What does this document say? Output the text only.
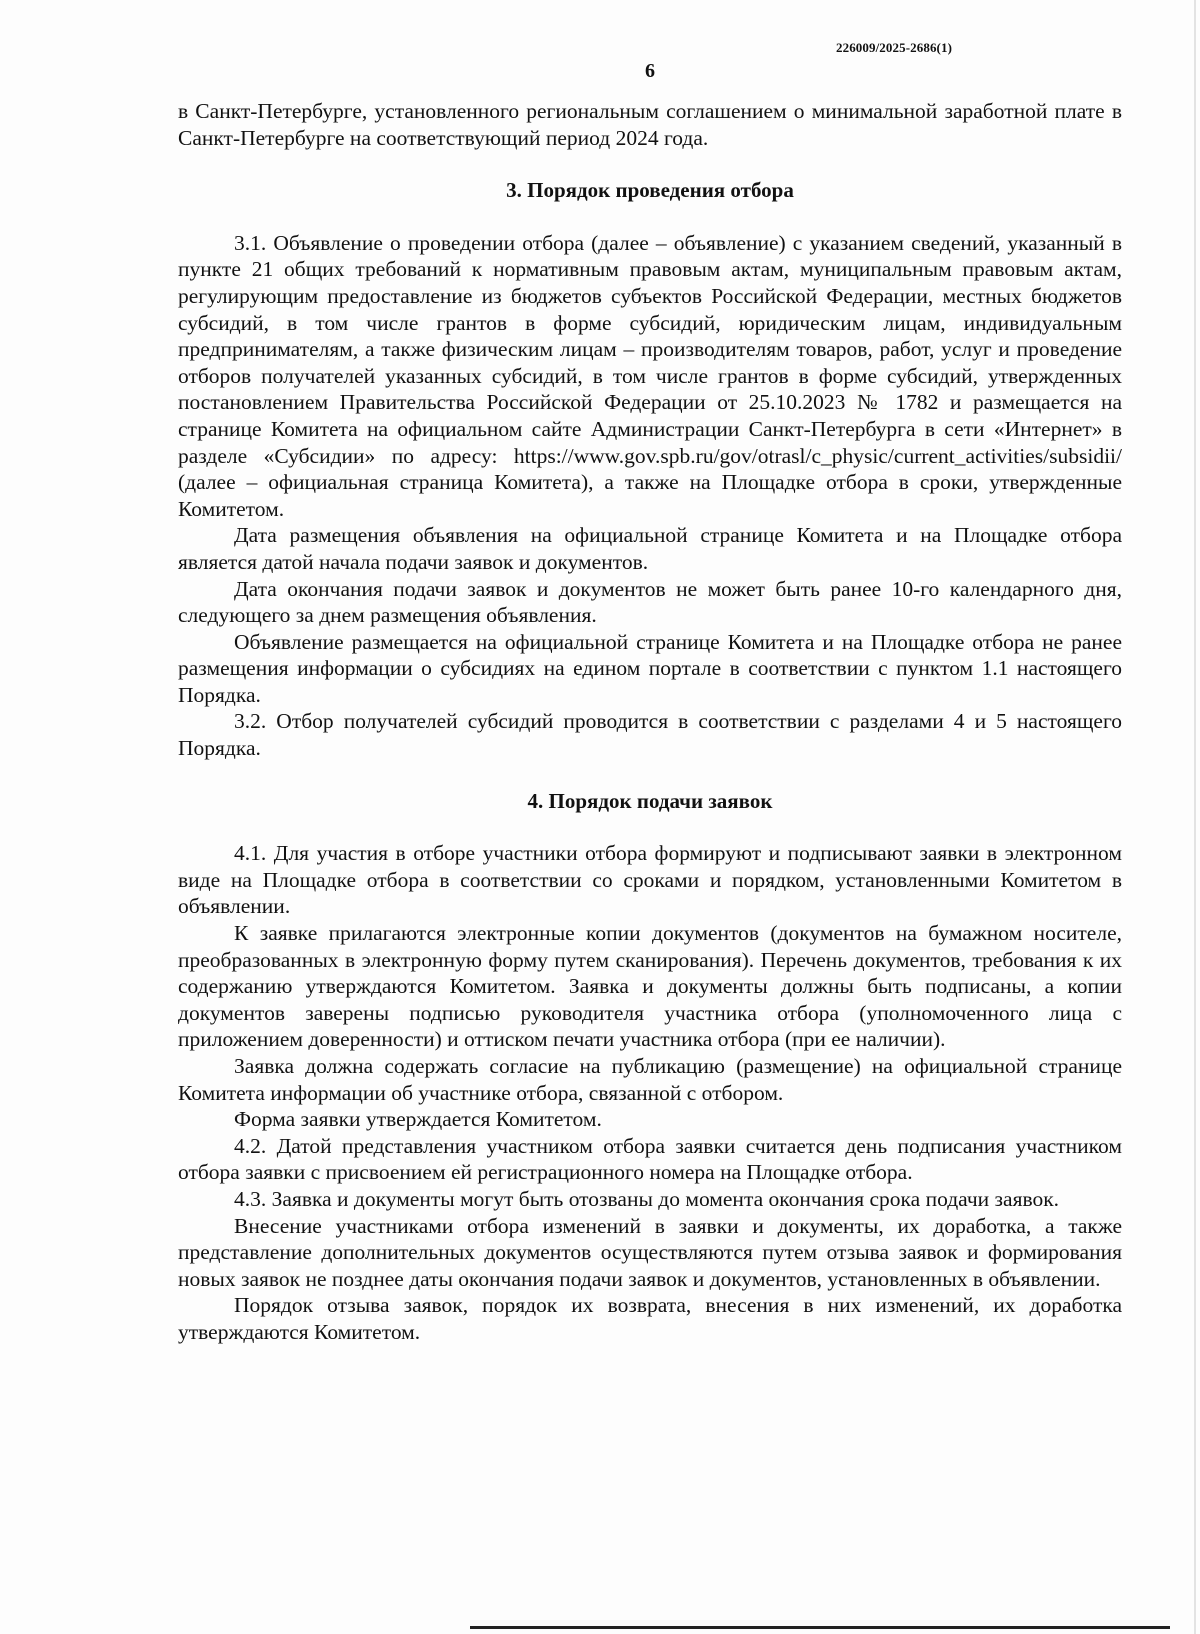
226009/2025-2686(1)
6

в Санкт-Петербурге, установленного региональным соглашением о минимальной заработной плате в Санкт-Петербурге на соответствующий период 2024 года.

3. Порядок проведения отбора

3.1. Объявление о проведении отбора (далее – объявление) с указанием сведений, указанный в пункте 21 общих требований к нормативным правовым актам, муниципальным правовым актам, регулирующим предоставление из бюджетов субъектов Российской Федерации, местных бюджетов субсидий, в том числе грантов в форме субсидий, юридическим лицам, индивидуальным предпринимателям, а также физическим лицам – производителям товаров, работ, услуг и проведение отборов получателей указанных субсидий, в том числе грантов в форме субсидий, утвержденных постановлением Правительства Российской Федерации от 25.10.2023 № 1782 и размещается на странице Комитета на официальном сайте Администрации Санкт-Петербурга в сети «Интернет» в разделе «Субсидии» по адресу: https://www.gov.spb.ru/gov/otrasl/c_physic/current_activities/subsidii/ (далее – официальная страница Комитета), а также на Площадке отбора в сроки, утвержденные Комитетом.

Дата размещения объявления на официальной странице Комитета и на Площадке отбора является датой начала подачи заявок и документов.

Дата окончания подачи заявок и документов не может быть ранее 10-го календарного дня, следующего за днем размещения объявления.

Объявление размещается на официальной странице Комитета и на Площадке отбора не ранее размещения информации о субсидиях на едином портале в соответствии с пунктом 1.1 настоящего Порядка.

3.2. Отбор получателей субсидий проводится в соответствии с разделами 4 и 5 настоящего Порядка.

4. Порядок подачи заявок

4.1. Для участия в отборе участники отбора формируют и подписывают заявки в электронном виде на Площадке отбора в соответствии со сроками и порядком, установленными Комитетом в объявлении.

К заявке прилагаются электронные копии документов (документов на бумажном носителе, преобразованных в электронную форму путем сканирования). Перечень документов, требования к их содержанию утверждаются Комитетом. Заявка и документы должны быть подписаны, а копии документов заверены подписью руководителя участника отбора (уполномоченного лица с приложением доверенности) и оттиском печати участника отбора (при ее наличии).

Заявка должна содержать согласие на публикацию (размещение) на официальной странице Комитета информации об участнике отбора, связанной с отбором.

Форма заявки утверждается Комитетом.

4.2. Датой представления участником отбора заявки считается день подписания участником отбора заявки с присвоением ей регистрационного номера на Площадке отбора.

4.3. Заявка и документы могут быть отозваны до момента окончания срока подачи заявок.

Внесение участниками отбора изменений в заявки и документы, их доработка, а также представление дополнительных документов осуществляются путем отзыва заявок и формирования новых заявок не позднее даты окончания подачи заявок и документов, установленных в объявлении.

Порядок отзыва заявок, порядок их возврата, внесения в них изменений, их доработка утверждаются Комитетом.
